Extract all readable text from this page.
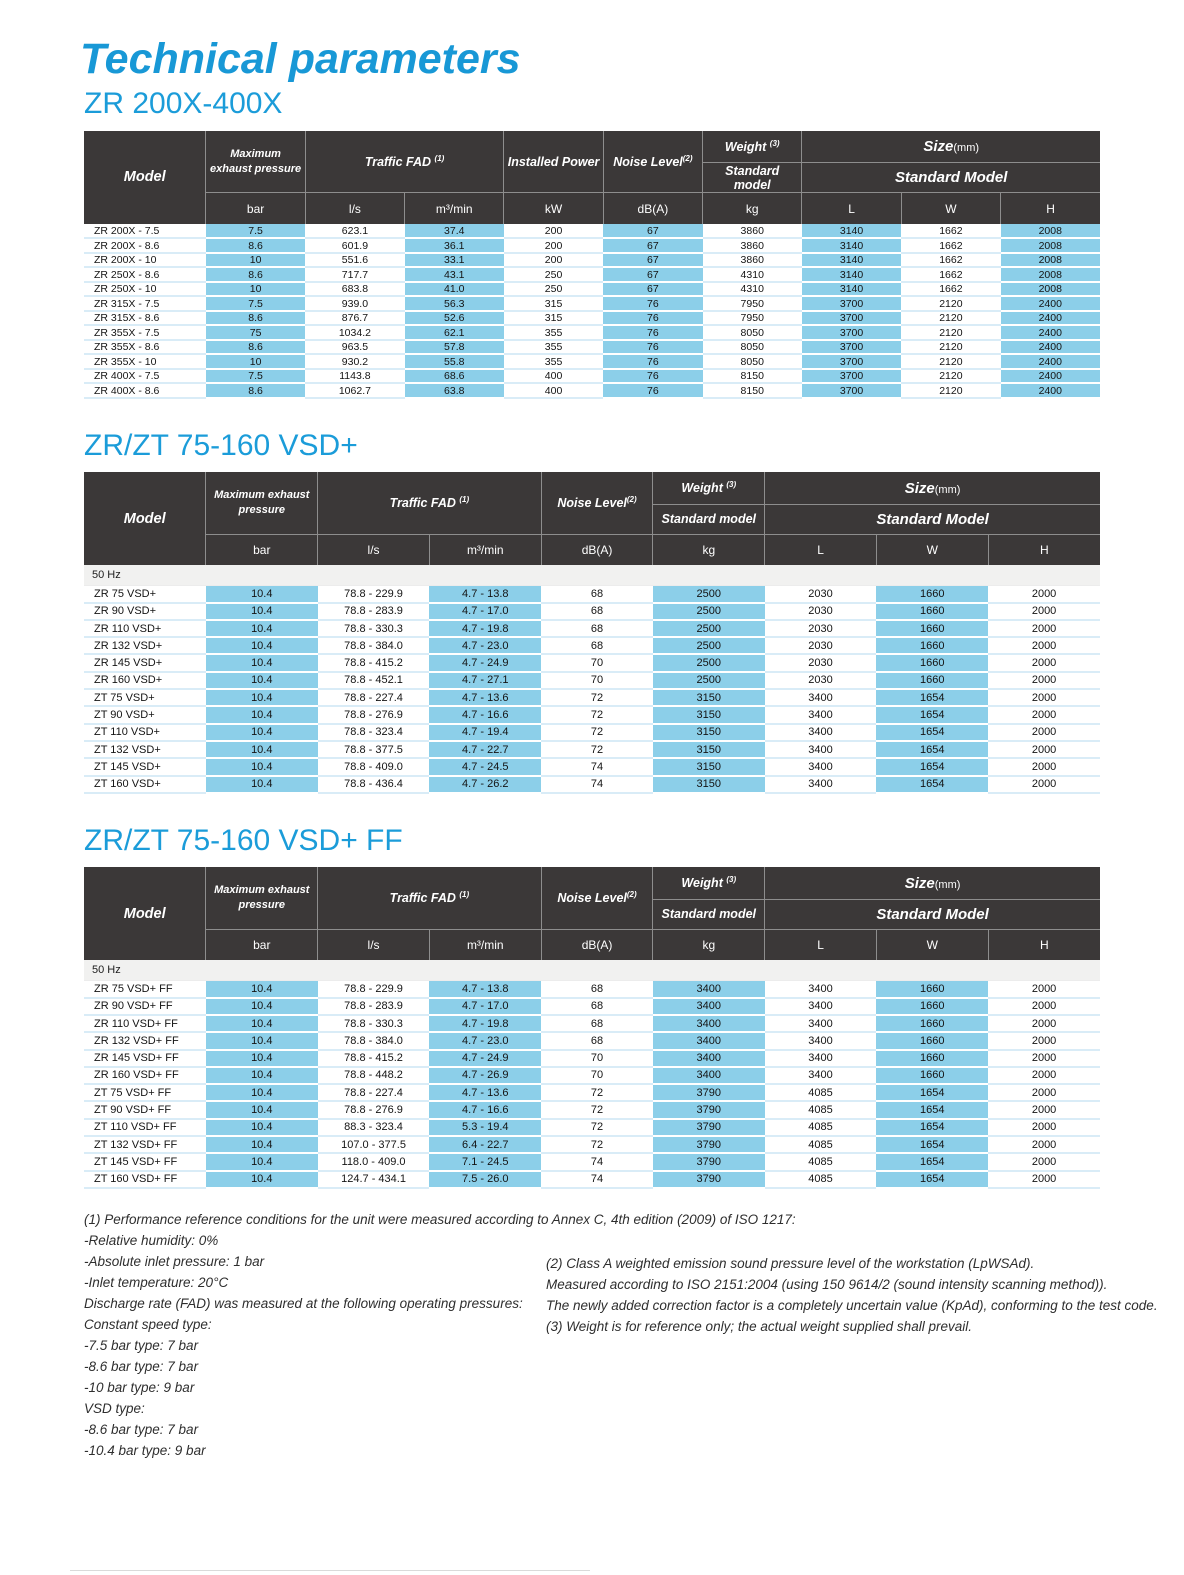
Technical parameters
ZR 200X-400X
Model	Maximum exhaust pressure	Traffic FAD $^{(1)}$		Installed Power	Noise Level$^{(2)}$	Weight $^{(3)}$	Size(mm)		
						Standard model	Standard Model		
	bar	l/s	m³/min	kW	dB(A)	kg	L	W	H
ZR 200X - 7.5	7.5	623.1	37.4	200	67	3860	3140	1662	2008
ZR 200X - 8.6	8.6	601.9	36.1	200	67	3860	3140	1662	2008
ZR 200X - 10	10	551.6	33.1	200	67	3860	3140	1662	2008
ZR 250X - 8.6	8.6	717.7	43.1	250	67	4310	3140	1662	2008
ZR 250X - 10	10	683.8	41.0	250	67	4310	3140	1662	2008
ZR 315X - 7.5	7.5	939.0	56.3	315	76	7950	3700	2120	2400
ZR 315X - 8.6	8.6	876.7	52.6	315	76	7950	3700	2120	2400
ZR 355X - 7.5	75	1034.2	62.1	355	76	8050	3700	2120	2400
ZR 355X - 8.6	8.6	963.5	57.8	355	76	8050	3700	2120	2400
ZR 355X - 10	10	930.2	55.8	355	76	8050	3700	2120	2400
ZR 400X - 7.5	7.5	1143.8	68.6	400	76	8150	3700	2120	2400
ZR 400X - 8.6	8.6	1062.7	63.8	400	76	8150	3700	2120	2400
ZR/ZT 75-160 VSD+
Model	Maximum exhaust pressure	Traffic FAD $^{(1)}$		Noise Level$^{(2)}$	Weight $^{(3)}$	Size(mm)		
					Standard model	Standard Model		
	bar	l/s	m³/min	dB(A)	kg	L	W	H
50 Hz								
ZR 75 VSD+	10.4	78.8 - 229.9	4.7 - 13.8	68	2500	2030	1660	2000
ZR 90 VSD+	10.4	78.8 - 283.9	4.7 - 17.0	68	2500	2030	1660	2000
ZR 110 VSD+	10.4	78.8 - 330.3	4.7 - 19.8	68	2500	2030	1660	2000
ZR 132 VSD+	10.4	78.8 - 384.0	4.7 - 23.0	68	2500	2030	1660	2000
ZR 145 VSD+	10.4	78.8 - 415.2	4.7 - 24.9	70	2500	2030	1660	2000
ZR 160 VSD+	10.4	78.8 - 452.1	4.7 - 27.1	70	2500	2030	1660	2000
ZT 75 VSD+	10.4	78.8 - 227.4	4.7 - 13.6	72	3150	3400	1654	2000
ZT 90 VSD+	10.4	78.8 - 276.9	4.7 - 16.6	72	3150	3400	1654	2000
ZT 110 VSD+	10.4	78.8 - 323.4	4.7 - 19.4	72	3150	3400	1654	2000
ZT 132 VSD+	10.4	78.8 - 377.5	4.7 - 22.7	72	3150	3400	1654	2000
ZT 145 VSD+	10.4	78.8 - 409.0	4.7 - 24.5	74	3150	3400	1654	2000
ZT 160 VSD+	10.4	78.8 - 436.4	4.7 - 26.2	74	3150	3400	1654	2000
ZR/ZT 75-160 VSD+ FF
Model	Maximum exhaust pressure	Traffic FAD $^{(1)}$		Noise Level$^{(2)}$	Weight $^{(3)}$	Size(mm)		
					Standard model	Standard Model		
	bar	l/s	m³/min	dB(A)	kg	L	W	H
50 Hz								
ZR 75 VSD+ FF	10.4	78.8 - 229.9	4.7 - 13.8	68	3400	3400	1660	2000
ZR 90 VSD+ FF	10.4	78.8 - 283.9	4.7 - 17.0	68	3400	3400	1660	2000
ZR 110 VSD+ FF	10.4	78.8 - 330.3	4.7 - 19.8	68	3400	3400	1660	2000
ZR 132 VSD+ FF	10.4	78.8 - 384.0	4.7 - 23.0	68	3400	3400	1660	2000
ZR 145 VSD+ FF	10.4	78.8 - 415.2	4.7 - 24.9	70	3400	3400	1660	2000
ZR 160 VSD+ FF	10.4	78.8 - 448.2	4.7 - 26.9	70	3400	3400	1660	2000
ZT 75 VSD+ FF	10.4	78.8 - 227.4	4.7 - 13.6	72	3790	4085	1654	2000
ZT 90 VSD+ FF	10.4	78.8 - 276.9	4.7 - 16.6	72	3790	4085	1654	2000
ZT 110 VSD+ FF	10.4	88.3 - 323.4	5.3 - 19.4	72	3790	4085	1654	2000
ZT 132 VSD+ FF	10.4	107.0 - 377.5	6.4 - 22.7	72	3790	4085	1654	2000
ZT 145 VSD+ FF	10.4	118.0 - 409.0	7.1 - 24.5	74	3790	4085	1654	2000
ZT 160 VSD+ FF	10.4	124.7 - 434.1	7.5 - 26.0	74	3790	4085	1654	2000

(1) Performance reference conditions for the unit were measured according to Annex C, 4th edition (2009) of ISO 1217:

-Relative humidity: 0%

-Absolute inlet pressure: 1 bar

-Inlet temperature: 20°C

Discharge rate (FAD) was measured at the following operating pressures:

Constant speed type:

-7.5 bar type: 7 bar

-8.6 bar type: 7 bar

-10 bar type: 9 bar

VSD type:

-8.6 bar type: 7 bar

-10.4 bar type: 9 bar

(2) Class A weighted emission sound pressure level of the workstation (LpWSAd).

Measured according to ISO 2151:2004 (using 150 9614/2 (sound intensity scanning method)).

The newly added correction factor is a completely uncertain value (KpAd), conforming to the test code.

(3) Weight is for reference only; the actual weight supplied shall prevail.
